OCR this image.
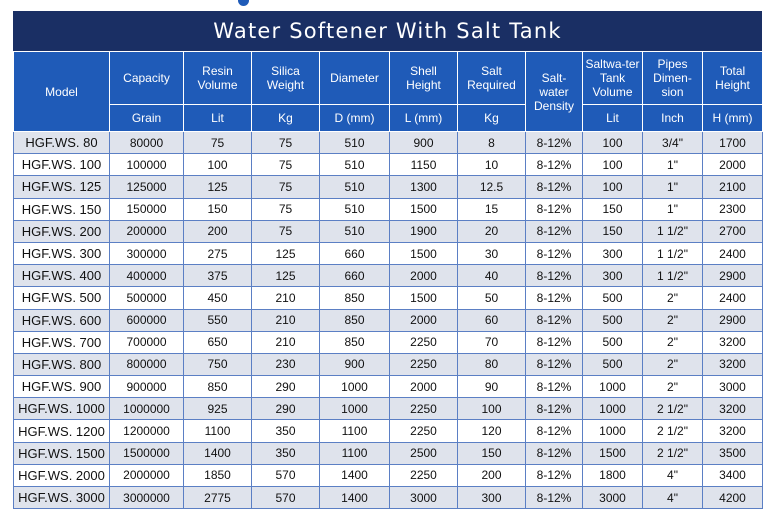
Water Softener With Salt Tank
Model	Capacity	Resin Volume	Silica Weight	Diameter	Shell Height	Salt Required	Salt-water Density	Saltwa-ter Tank Volume	Pipes Dimen-sion	Total Height
	Grain	Lit	Kg	D (mm)	L (mm)	Kg		Lit	Inch	H (mm)
HGF.WS. 80	80000	75	75	510	900	8	8-12%	100	3/4"	1700
HGF.WS. 100	100000	100	75	510	1150	10	8-12%	100	1"	2000
HGF.WS. 125	125000	125	75	510	1300	12.5	8-12%	100	1"	2100
HGF.WS. 150	150000	150	75	510	1500	15	8-12%	150	1"	2300
HGF.WS. 200	200000	200	75	510	1900	20	8-12%	150	1 1/2"	2700
HGF.WS. 300	300000	275	125	660	1500	30	8-12%	300	1 1/2"	2400
HGF.WS. 400	400000	375	125	660	2000	40	8-12%	300	1 1/2"	2900
HGF.WS. 500	500000	450	210	850	1500	50	8-12%	500	2"	2400
HGF.WS. 600	600000	550	210	850	2000	60	8-12%	500	2"	2900
HGF.WS. 700	700000	650	210	850	2250	70	8-12%	500	2"	3200
HGF.WS. 800	800000	750	230	900	2250	80	8-12%	500	2"	3200
HGF.WS. 900	900000	850	290	1000	2000	90	8-12%	1000	2"	3000
HGF.WS. 1000	1000000	925	290	1000	2250	100	8-12%	1000	2 1/2"	3200
HGF.WS. 1200	1200000	1100	350	1100	2250	120	8-12%	1000	2 1/2"	3200
HGF.WS. 1500	1500000	1400	350	1100	2500	150	8-12%	1500	2 1/2"	3500
HGF.WS. 2000	2000000	1850	570	1400	2250	200	8-12%	1800	4"	3400
HGF.WS. 3000	3000000	2775	570	1400	3000	300	8-12%	3000	4"	4200
